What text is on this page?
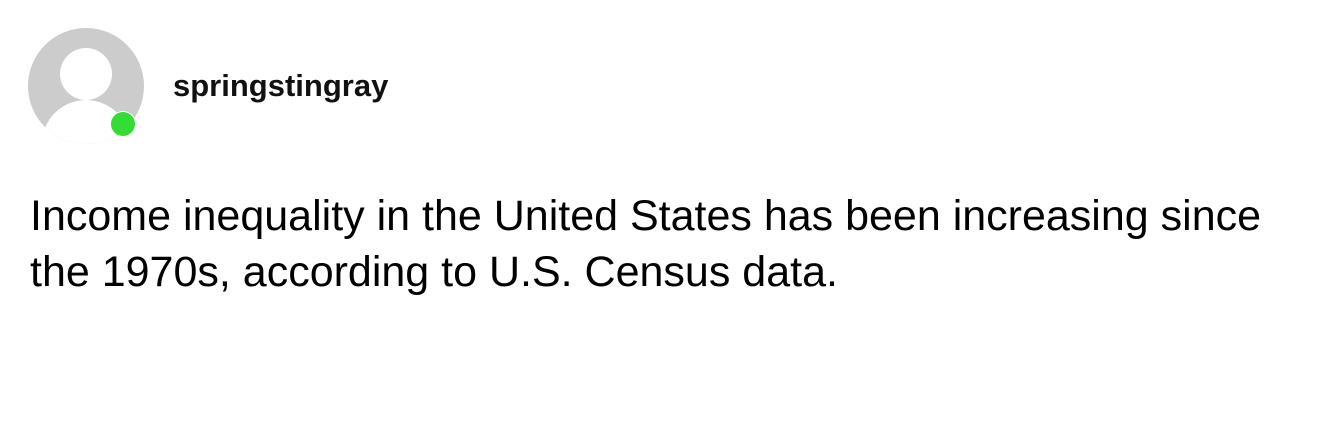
springstingray
Income inequality in the United States has been increasing since the 1970s, according to U.S. Census data.
